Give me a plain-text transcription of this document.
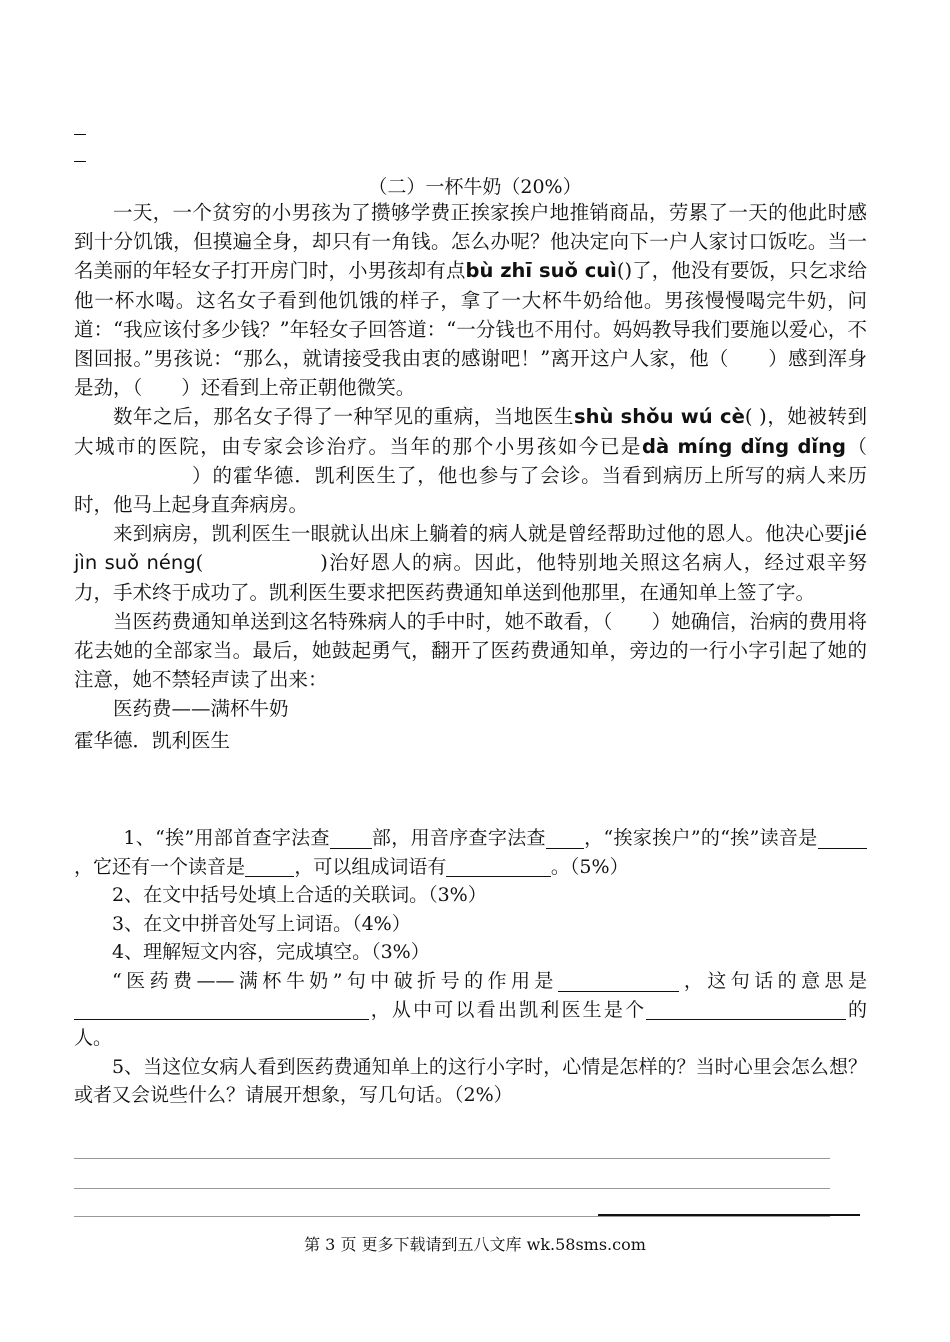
（二）一杯牛奶（20%）

一天，一个贫穷的小男孩为了攒够学费正挨家挨户地推销商品，劳累了一天的他此时感到十分饥饿，但摸遍全身，却只有一角钱。怎么办呢？他决定向下一户人家讨口饭吃。当一名美丽的年轻女子打开房门时，小男孩却有点bù zhī suǒ cuì()了，他没有要饭，只乞求给他一杯水喝。这名女子看到他饥饿的样子，拿了一大杯牛奶给他。男孩慢慢喝完牛奶，问道：“我应该付多少钱？”年轻女子回答道：“一分钱也不用付。妈妈教导我们要施以爱心，不图回报。”男孩说：“那么，就请接受我由衷的感谢吧！”离开这户人家，他（　　）感到浑身是劲，（　　）还看到上帝正朝他微笑。

数年之后，那名女子得了一种罕见的重病，当地医生shù shǒu wú cè( )，她被转到大城市的医院，由专家会诊治疗。当年的那个小男孩如今已是dà míng dǐng dǐng（）的霍华德．凯利医生了，他也参与了会诊。当看到病历上所写的病人来历时，他马上起身直奔病房。

来到病房，凯利医生一眼就认出床上躺着的病人就是曾经帮助过他的恩人。他决心要jié jìn suǒ néng(	)治好恩人的病。因此，他特别地关照这名病人，经过艰辛努力，手术终于成功了。凯利医生要求把医药费通知单送到他那里，在通知单上签了字。

当医药费通知单送到这名特殊病人的手中时，她不敢看，（　　）她确信，治病的费用将花去她的全部家当。最后，她鼓起勇气，翻开了医药费通知单，旁边的一行小字引起了她的注意，她不禁轻声读了出来：

医药费——满杯牛奶

霍华德．凯利医生

1、“挨”用部首查字法查 部，用音序查字法查 ，“挨家挨户”的“挨”读音是，它还有一个读音是	，可以组成词语有	。（5%）

2、在文中括号处填上合适的关联词。（3%）

3、在文中拼音处写上词语。（4%）

4、理解短文内容，完成填空。（3%）

“医药费——满杯牛奶”句中破折号的作用是	，这句话的意思是，从中可以看出凯利医生是个	的人。

5、当这位女病人看到医药费通知单上的这行小字时，心情是怎样的？当时心里会怎么想？或者又会说些什么？请展开想象，写几句话。（2%）

第 3 页 更多下载请到五八文库 wk.58sms.com
